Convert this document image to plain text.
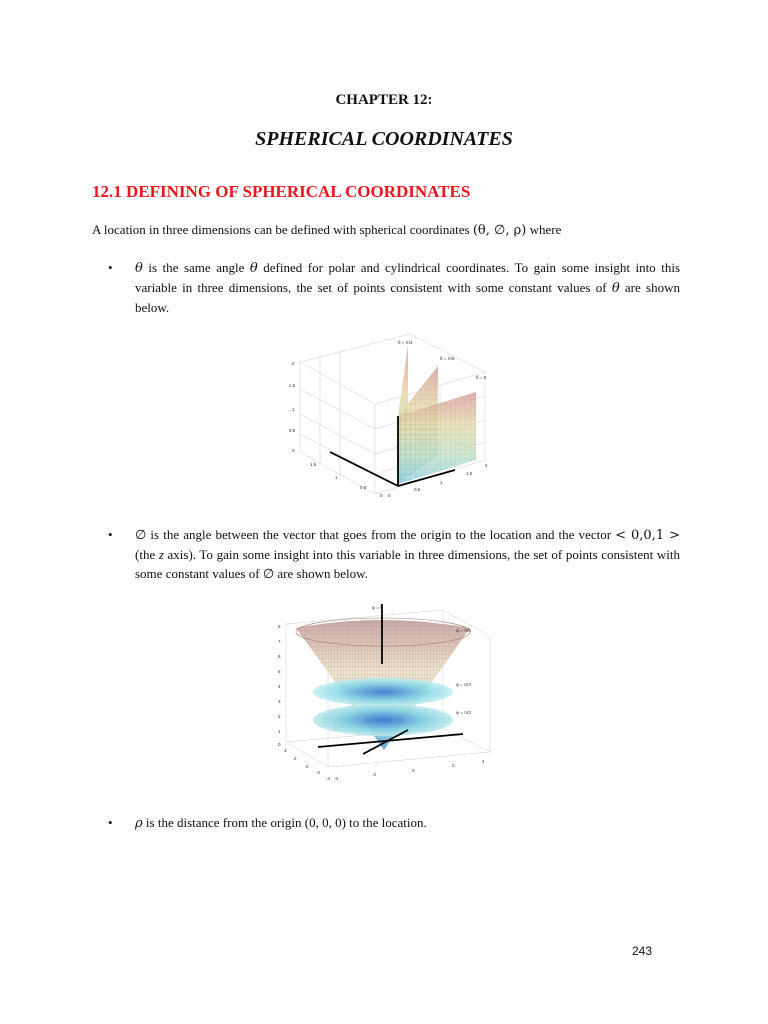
CHAPTER 12:
SPHERICAL COORDINATES
12.1 DEFINING OF SPHERICAL COORDINATES
A location in three dimensions can be defined with spherical coordinates (θ, ∅, ρ) where
• θ is the same angle θ defined for polar and cylindrical coordinates. To gain some insight into this variable in three dimensions, the set of points consistent with some constant values of θ are shown below.
2
1.5
1
0.5
0
1.5
1
0.5
0 0
0.5
1
1.5
2
θ = π/4
θ = π/6
θ = 0
• ∅ is the angle between the vector that goes from the origin to the location and the vector < 0,0,1 > (the z axis). To gain some insight into this variable in three dimensions, the set of points consistent with some constant values of ∅ are shown below.
8
7
6
5
4
3
2
1
0
4
2
0
-2
-4 -4
-2
0
2
4
φ = 0
φ = π/6
φ = π/4
φ = π/3
• ρ is the distance from the origin (0, 0, 0) to the location.
243
